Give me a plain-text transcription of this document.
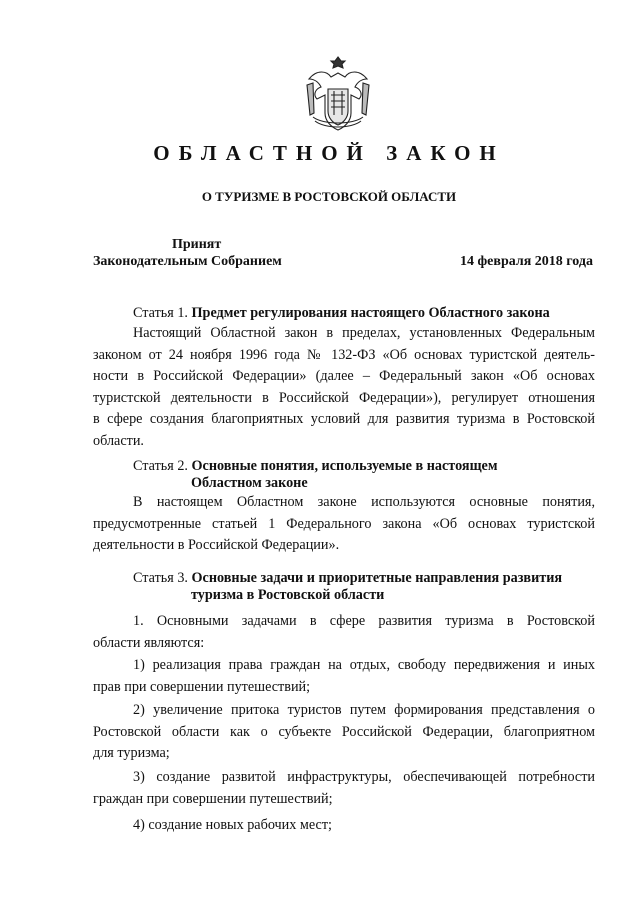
ОБЛАСТНОЙ ЗАКОН
О ТУРИЗМЕ В РОСТОВСКОЙ ОБЛАСТИ
Принят
Законодательным Собранием	14 февраля 2018 года
Статья 1. Предмет регулирования настоящего Областного закона
Настоящий Областной закон в пределах, установленных Федеральным
законом от 24 ноября 1996 года № 132-ФЗ «Об основах туристской деятель-
ности в Российской Федерации» (далее – Федеральный закон «Об основах
туристской деятельности в Российской Федерации»), регулирует отношения
в сфере создания благоприятных условий для развития туризма в Ростовской
области.
Статья 2. Основные понятия, используемые в настоящем
Областном законе
В настоящем Областном законе используются основные понятия,
предусмотренные статьей 1 Федерального закона «Об основах туристской
деятельности в Российской Федерации».
Статья 3. Основные задачи и приоритетные направления развития
туризма в Ростовской области
1. Основными задачами в сфере развития туризма в Ростовской
области являются:
1) реализация права граждан на отдых, свободу передвижения и иных
прав при совершении путешествий;
2) увеличение притока туристов путем формирования представления о
Ростовской области как о субъекте Российской Федерации, благоприятном
для туризма;
3) создание развитой инфраструктуры, обеспечивающей потребности
граждан при совершении путешествий;
4) создание новых рабочих мест;
